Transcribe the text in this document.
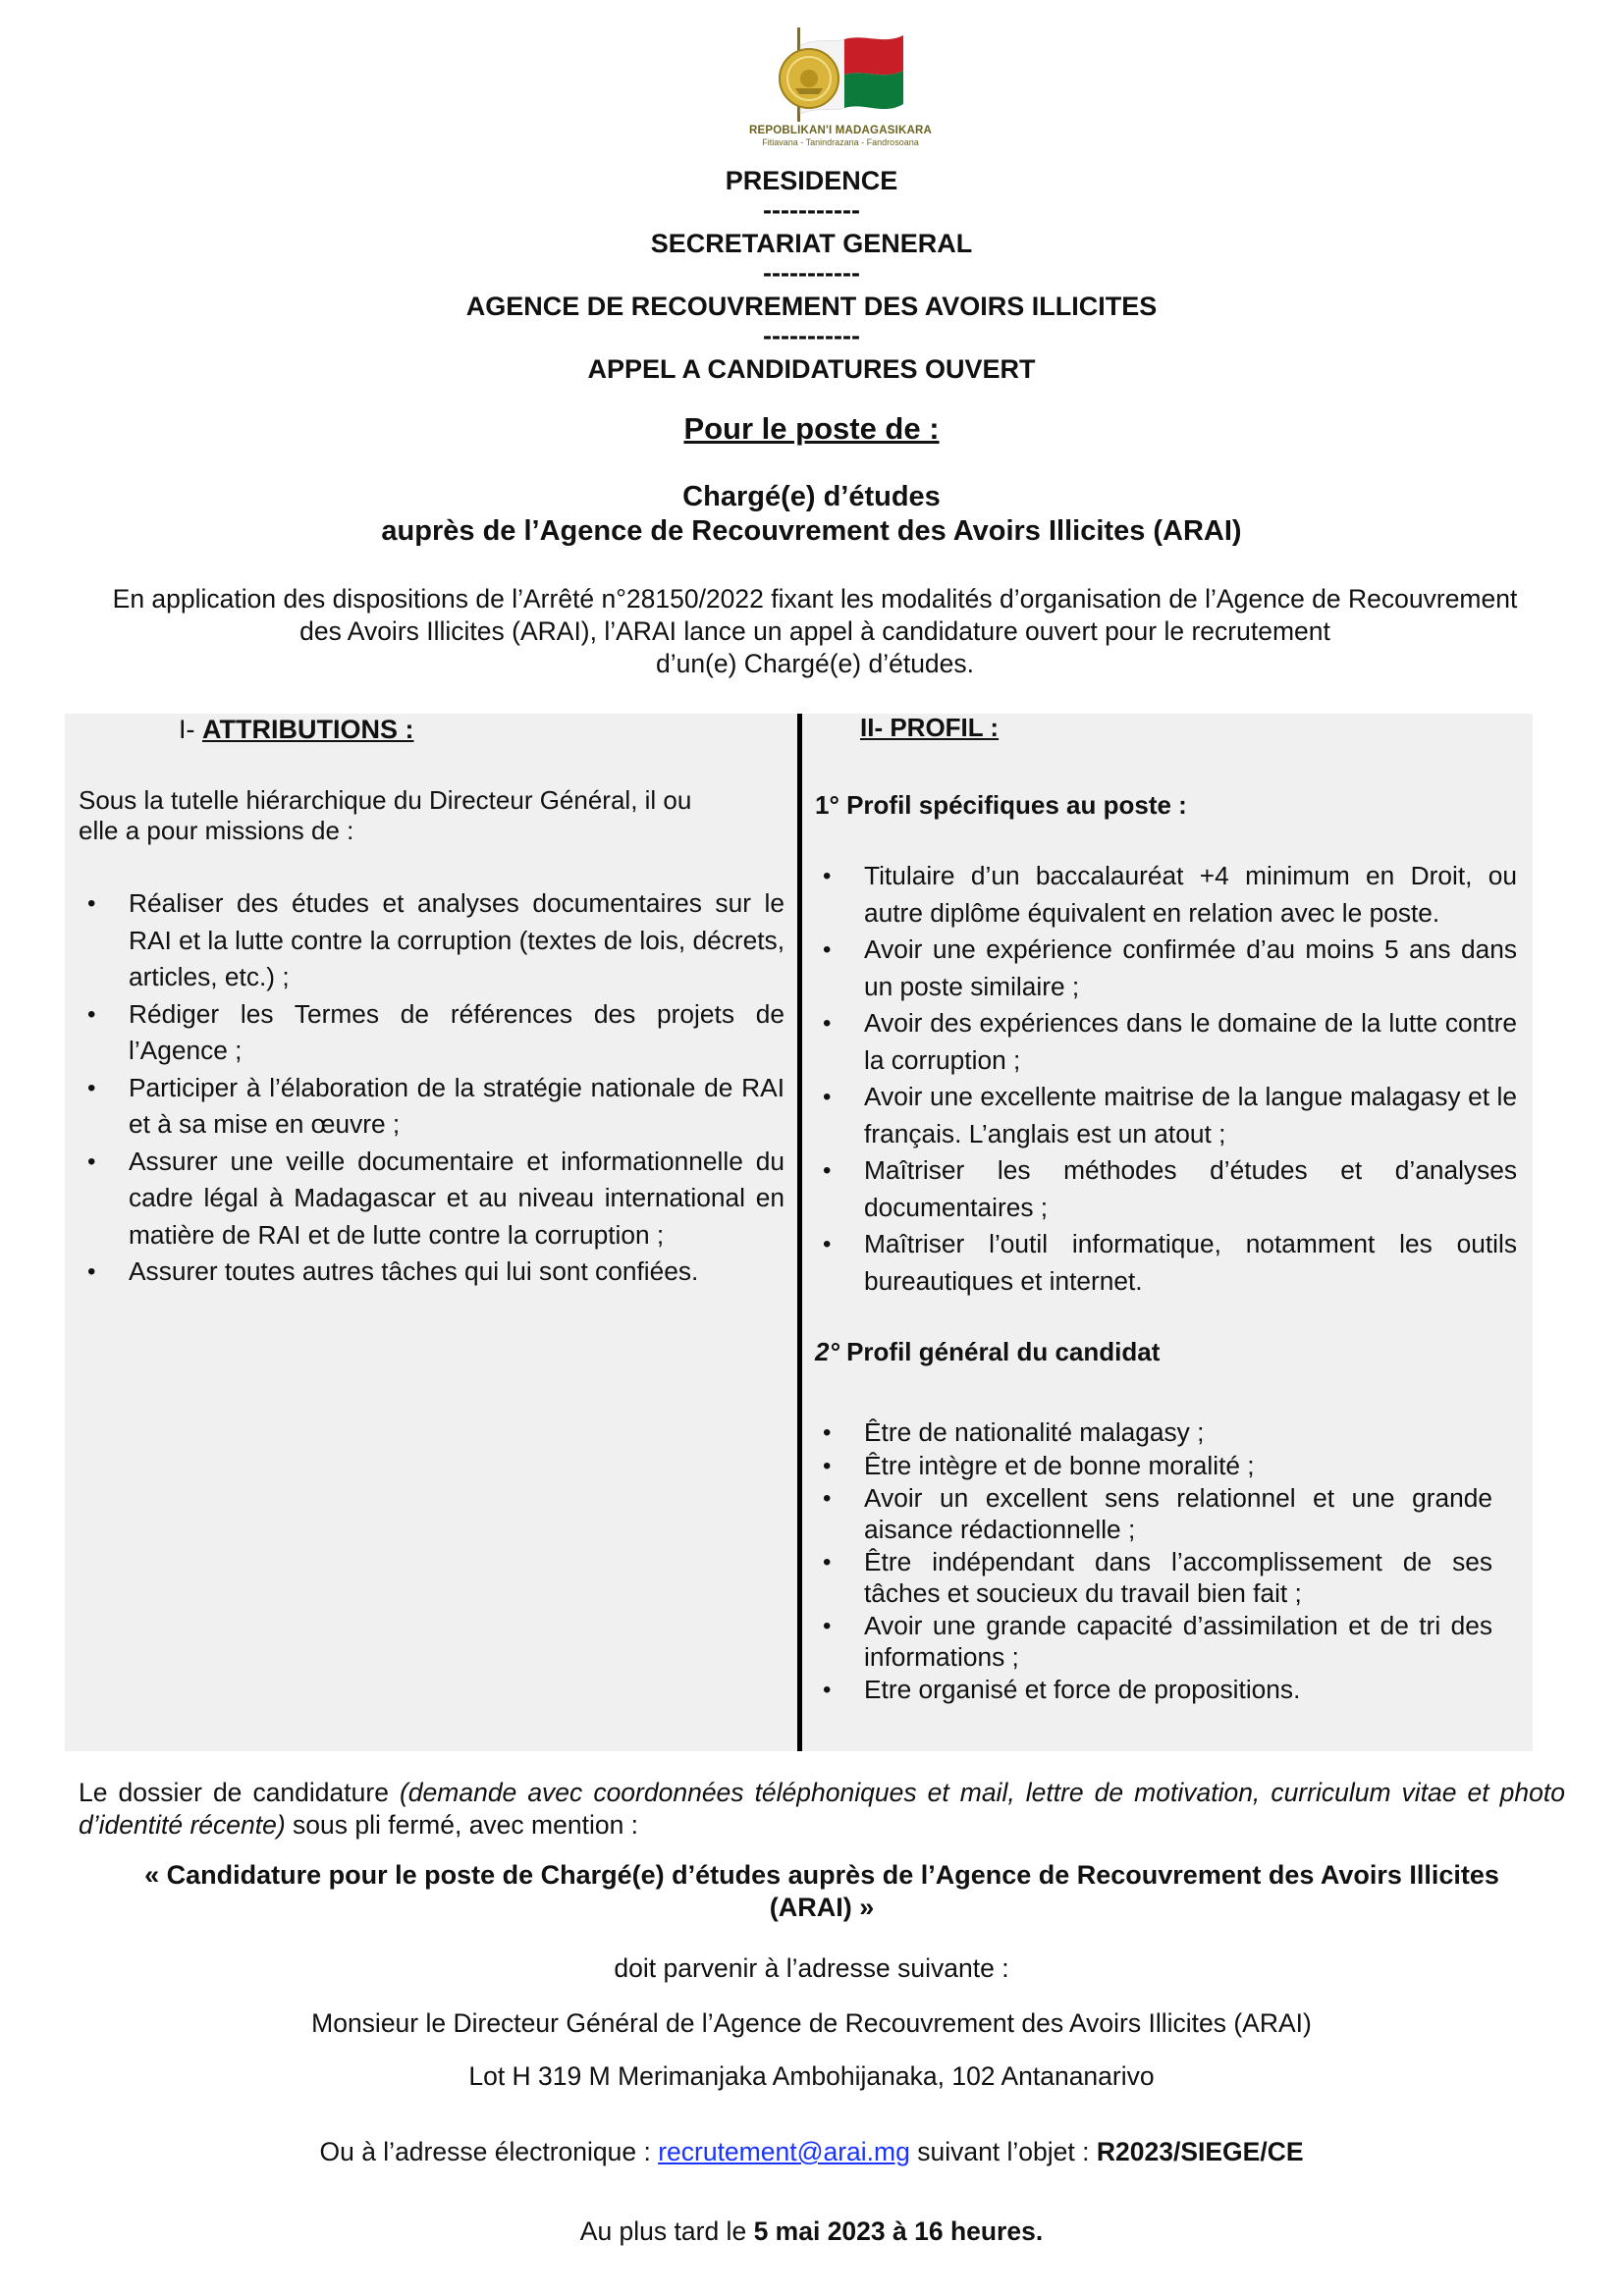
REPOBLIKAN'I MADAGASIKARA
Fitiavana - Tanindrazana - Fandrosoana
PRESIDENCE
-----------
SECRETARIAT GENERAL
-----------
AGENCE DE RECOUVREMENT DES AVOIRS ILLICITES
-----------
APPEL A CANDIDATURES OUVERT
Pour le poste de :
Chargé(e) d’études
auprès de l’Agence de Recouvrement des Avoirs Illicites (ARAI)
En application des dispositions de l’Arrêté n°28150/2022 fixant les modalités d’organisation de l’Agence de Recouvrement
des Avoirs Illicites (ARAI), l’ARAI lance un appel à candidature ouvert pour le recrutement
d’un(e) Chargé(e) d’études.
I- ATTRIBUTIONS :
Sous la tutelle hiérarchique du Directeur Général, il ou
elle a pour missions de :
• Réaliser des études et analyses documentaires sur le RAI et la lutte contre la corruption (textes de lois, décrets, articles, etc.) ;
• Rédiger les Termes de références des projets de l’Agence ;
• Participer à l’élaboration de la stratégie nationale de RAI et à sa mise en œuvre ;
• Assurer une veille documentaire et informationnelle du cadre légal à Madagascar et au niveau international en matière de RAI et de lutte contre la corruption ;
• Assurer toutes autres tâches qui lui sont confiées.
II- PROFIL :
1° Profil spécifiques au poste :
• Titulaire d’un baccalauréat +4 minimum en Droit, ou autre diplôme équivalent en relation avec le poste.
• Avoir une expérience confirmée d’au moins 5 ans dans un poste similaire ;
• Avoir des expériences dans le domaine de la lutte contre la corruption ;
• Avoir une excellente maitrise de la langue malagasy et le français. L’anglais est un atout ;
• Maîtriser les méthodes d’études et d’analyses documentaires ;
• Maîtriser l’outil informatique, notamment les outils bureautiques et internet.
2° Profil général du candidat
• Être de nationalité malagasy ;
• Être intègre et de bonne moralité ;
• Avoir un excellent sens relationnel et une grande aisance rédactionnelle ;
• Être indépendant dans l’accomplissement de ses tâches et soucieux du travail bien fait ;
• Avoir une grande capacité d’assimilation et de tri des informations ;
• Etre organisé et force de propositions.
Le dossier de candidature (demande avec coordonnées téléphoniques et mail, lettre de motivation, curriculum vitae et photo d’identité récente) sous pli fermé, avec mention :
« Candidature pour le poste de Chargé(e) d’études auprès de l’Agence de Recouvrement des Avoirs Illicites (ARAI) »
doit parvenir à l’adresse suivante :
Monsieur le Directeur Général de l’Agence de Recouvrement des Avoirs Illicites (ARAI)
Lot H 319 M Merimanjaka Ambohijanaka, 102 Antananarivo
Ou à l’adresse électronique : recrutement@arai.mg suivant l’objet : R2023/SIEGE/CE
Au plus tard le 5 mai 2023 à 16 heures.
